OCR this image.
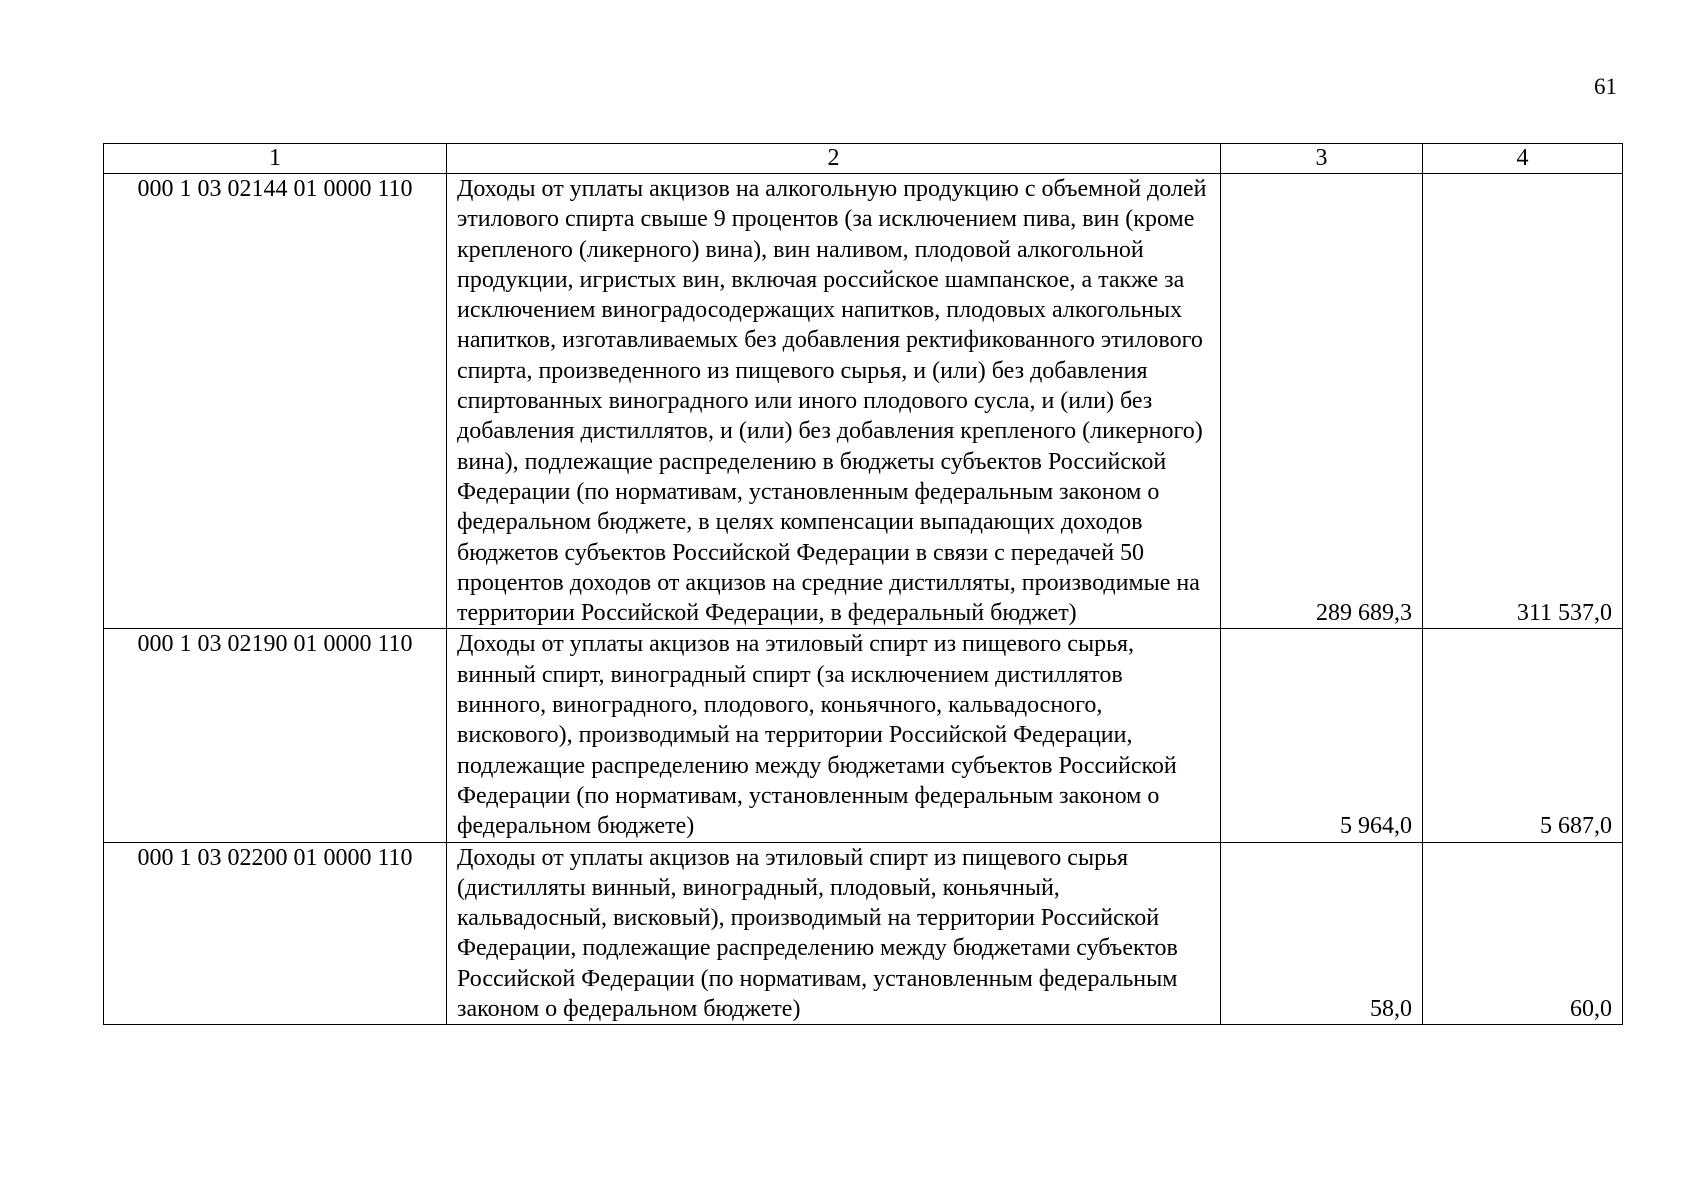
61
1	2	3	4
000 1 03 02144 01 0000 110	Доходы от уплаты акцизов на алкогольную продукцию с объемной долей этилового спирта свыше 9 процентов (за исключением пива, вин (кроме крепленого (ликерного) вина), вин наливом, плодовой алкогольной продукции, игристых вин, включая российское шампанское, а также за исключением виноградосодержащих напитков, плодовых алкогольных напитков, изготавливаемых без добавления ректификованного этилового спирта, произведенного из пищевого сырья, и (или) без добавления спиртованных виноградного или иного плодового сусла, и (или) без добавления дистиллятов, и (или) без добавления крепленого (ликерного) вина), подлежащие распределению в бюджеты субъектов Российской Федерации (по нормативам, установленным федеральным законом о федеральном бюджете, в целях компенсации выпадающих доходов бюджетов субъектов Российской Федерации в связи с передачей 50 процентов доходов от акцизов на средние дистилляты, производимые на территории Российской Федерации, в федеральный бюджет)	289 689,3	311 537,0
000 1 03 02190 01 0000 110	Доходы от уплаты акцизов на этиловый спирт из пищевого сырья, винный спирт, виноградный спирт (за исключением дистиллятов винного, виноградного, плодового, коньячного, кальвадосного, вискового), производимый на территории Российской Федерации, подлежащие распределению между бюджетами субъектов Российской Федерации (по нормативам, установленным федеральным законом о федеральном бюджете)	5 964,0	5 687,0
000 1 03 02200 01 0000 110	Доходы от уплаты акцизов на этиловый спирт из пищевого сырья (дистилляты винный, виноградный, плодовый, коньячный, кальвадосный, висковый), производимый на территории Российской Федерации, подлежащие распределению между бюджетами субъектов Российской Федерации (по нормативам, установленным федеральным законом о федеральном бюджете)	58,0	60,0
